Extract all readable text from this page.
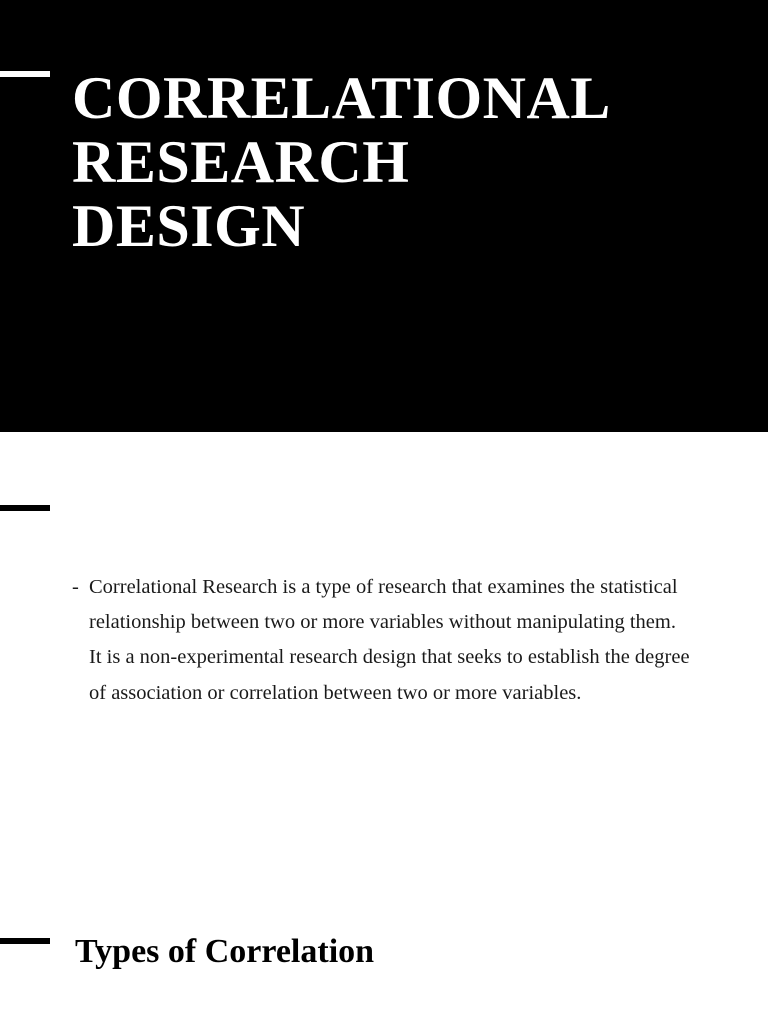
CORRELATIONAL
RESEARCH
DESIGN

- Correlational Research is a type of research that examines the statistical relationship between two or more variables without manipulating them. It is a non-experimental research design that seeks to establish the degree of association or correlation between two or more variables.

Types of Correlation
